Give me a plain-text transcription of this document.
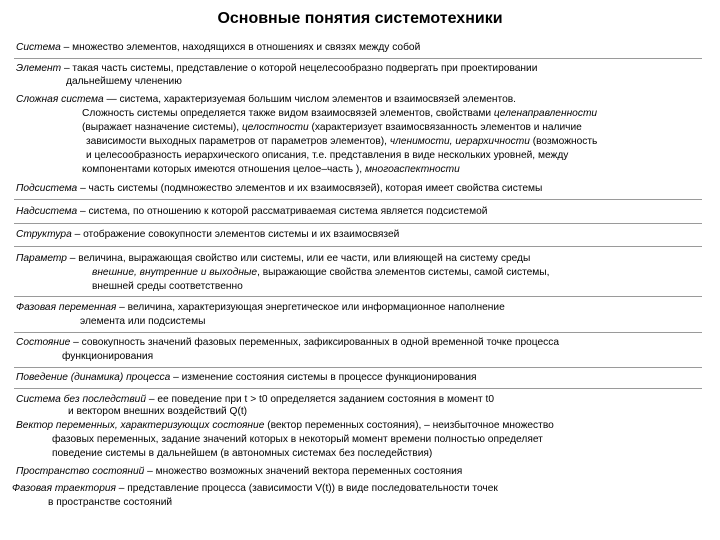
Основные понятия системотехники
Система – множество элементов, находящихся в отношениях и связях между собой
Элемент – такая часть системы, представление о которой нецелесообразно подвергать при проектировании
дальнейшему членению
Сложная система — система, характеризуемая большим числом элементов и взаимосвязей элементов.
Сложность системы определяется также видом взаимосвязей элементов, свойствами целенаправленности
(выражает назначение системы), целостности (характеризует взаимосвязанность элементов и наличие
зависимости выходных параметров от параметров элементов), членимости, иерархичности (возможность
и целесообразность иерархического описания, т.е. представления в виде нескольких уровней, между
компонентами которых имеются отношения целое–часть ), многоаспектности
Подсистема – часть системы (подмножество элементов и их взаимосвязей), которая имеет свойства системы
Надсистема – система, по отношению к которой рассматриваемая система является подсистемой
Структура – отображение совокупности элементов системы и их взаимосвязей
Параметр – величина, выражающая свойство или системы, или ее части, или влияющей на систему среды
внешние, внутренние и выходные, выражающие свойства элементов системы, самой системы,
внешней среды соответственно
Фазовая переменная – величина, характеризующая энергетическое или информационное наполнение
элемента или подсистемы
Состояние – совокупность значений фазовых переменных, зафиксированных в одной временной точке процесса
функционирования
Поведение (динамика) процесса – изменение состояния системы в процессе функционирования
Система без последствий – ее поведение при t > t0 определяется заданием состояния в момент t0
и вектором внешних воздействий Q(t)
Вектор переменных, характеризующих состояние (вектор переменных состояния), – неизбыточное множество
фазовых переменных, задание значений которых в некоторый момент времени полностью определяет
поведение системы в дальнейшем (в автономных системах без последействия)
Пространство состояний – множество возможных значений вектора переменных состояния
Фазовая траектория – представление процесса (зависимости V(t)) в виде последовательности точек
в пространстве состояний
